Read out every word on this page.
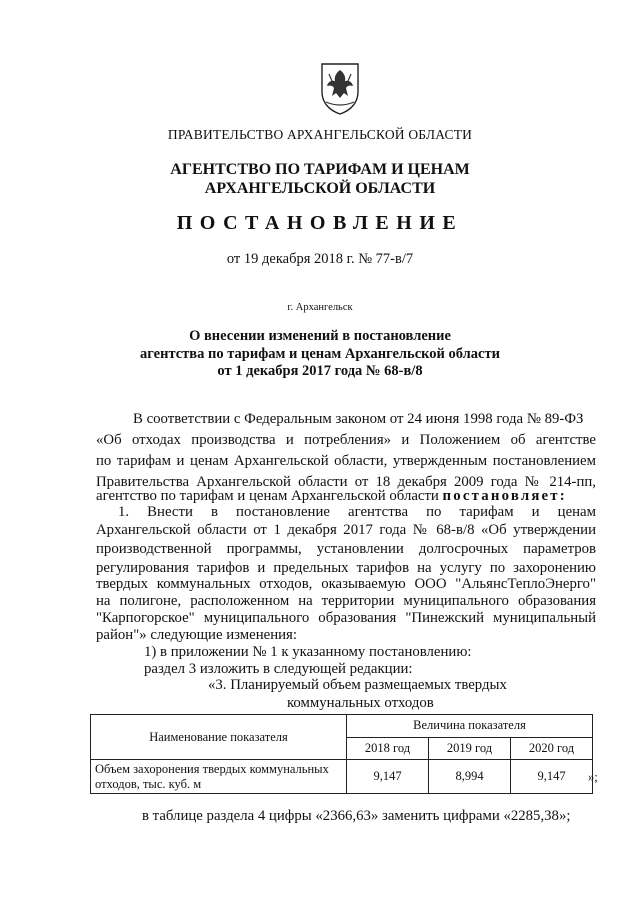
ПРАВИТЕЛЬСТВО АРХАНГЕЛЬСКОЙ ОБЛАСТИ
АГЕНТСТВО ПО ТАРИФАМ И ЦЕНАМ
АРХАНГЕЛЬСКОЙ ОБЛАСТИ
ПОСТАНОВЛЕНИЕ
от 19 декабря 2018 г. № 77-в/7
г. Архангельск
О внесении изменений в постановление
агентства по тарифам и ценам Архангельской области
от 1 декабря 2017 года № 68-в/8
В соответствии с Федеральным законом от 24 июня 1998 года № 89-ФЗ
«Об отходах производства и потребления» и Положением об агентстве
по тарифам и ценам Архангельской области, утвержденным постановлением
Правительства Архангельской области от 18 декабря 2009 года № 214-пп,
агентство по тарифам и ценам Архангельской области постановляет:
1. Внести в постановление агентства по тарифам и ценам
Архангельской области от 1 декабря 2017 года № 68-в/8 «Об утверждении
производственной программы, установлении долгосрочных параметров
регулирования тарифов и предельных тарифов на услугу по захоронению
твердых коммунальных отходов, оказываемую ООО "АльянсТеплоЭнерго"
на полигоне, расположенном на территории муниципального образования
"Карпогорское" муниципального образования "Пинежский муниципальный
район"» следующие изменения:
1) в приложении № 1 к указанному постановлению:
раздел 3 изложить в следующей редакции:
«3. Планируемый объем размещаемых твердых
коммунальных отходов
Наименование показателя	Величина показателя		
	2018 год	2019 год	2020 год

Объем захоронения твердых коммунальных
отходов, тыс. куб. м	9,147	8,994	9,147 »;
в таблице раздела 4 цифры «2366,63» заменить цифрами «2285,38»;
